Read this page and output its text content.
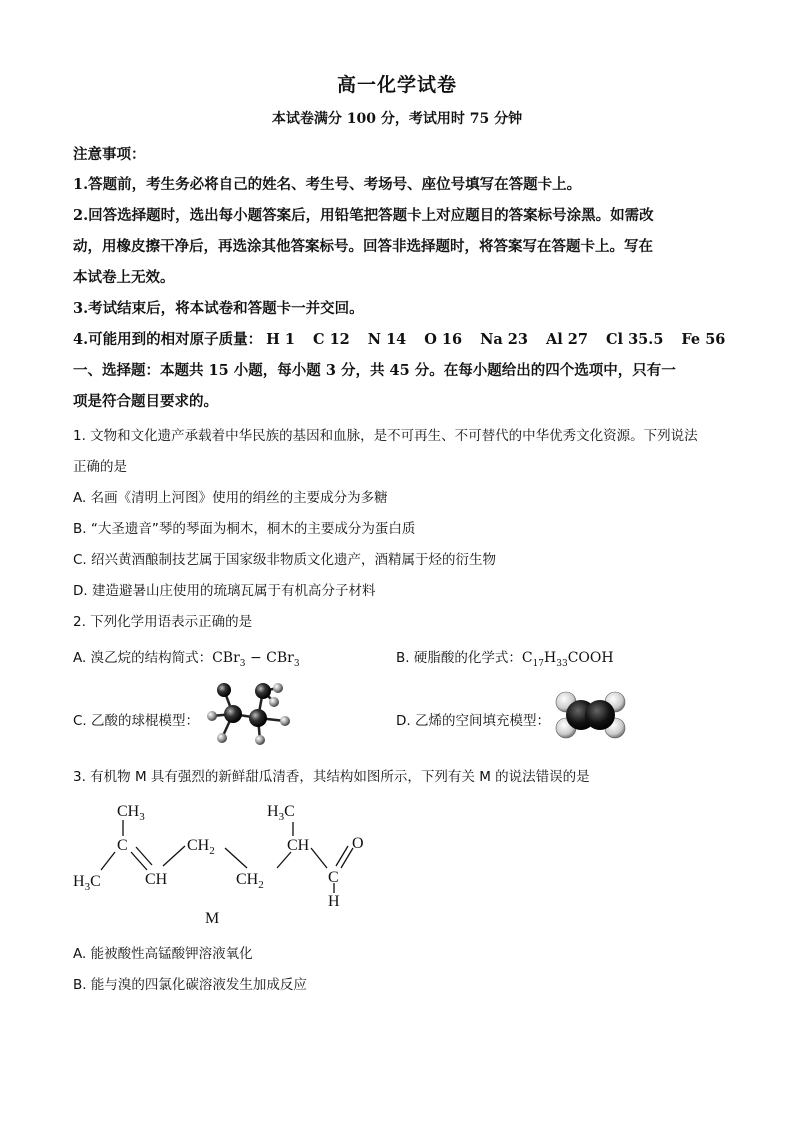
高一化学试卷
本试卷满分 100 分，考试用时 75 分钟
注意事项：
1.答题前，考生务必将自己的姓名、考生号、考场号、座位号填写在答题卡上。
2.回答选择题时，选出每小题答案后，用铅笔把答题卡上对应题目的答案标号涂黑。如需改
动，用橡皮擦干净后，再选涂其他答案标号。回答非选择题时，将答案写在答题卡上。写在
本试卷上无效。
3.考试结束后，将本试卷和答题卡一并交回。
4.可能用到的相对原子质量： H 1 C 12 N 14 O 16 Na 23 Al 27 Cl 35.5 Fe 56
一、选择题：本题共 15 小题，每小题 3 分，共 45 分。在每小题给出的四个选项中，只有一
项是符合题目要求的。
1. 文物和文化遗产承载着中华民族的基因和血脉，是不可再生、不可替代的中华优秀文化资源。下列说法
正确的是
A. 名画《清明上河图》使用的绢丝的主要成分为多糖
B. “大圣遗音”琴的琴面为桐木，桐木的主要成分为蛋白质
C. 绍兴黄酒酿制技艺属于国家级非物质文化遗产，酒精属于烃的衍生物
D. 建造避暑山庄使用的琉璃瓦属于有机高分子材料
2. 下列化学用语表示正确的是
A. 溴乙烷的结构简式：CBr$_3$ − CBr$_3$	B. 硬脂酸的化学式：$C_{17}H_{33}COOH$
C. 乙酸的球棍模型：	D. 乙烯的空间填充模型：
3. 有机物 M 具有强烈的新鲜甜瓜清香，其结构如图所示，下列有关 M 的说法错误的是
$CH_3$	$H_3C$
C	$CH_2$	CH	O
$H_3C$	CH	$CH_2$	C
H
M
A. 能被酸性高锰酸钾溶液氧化
B. 能与溴的四氯化碳溶液发生加成反应
